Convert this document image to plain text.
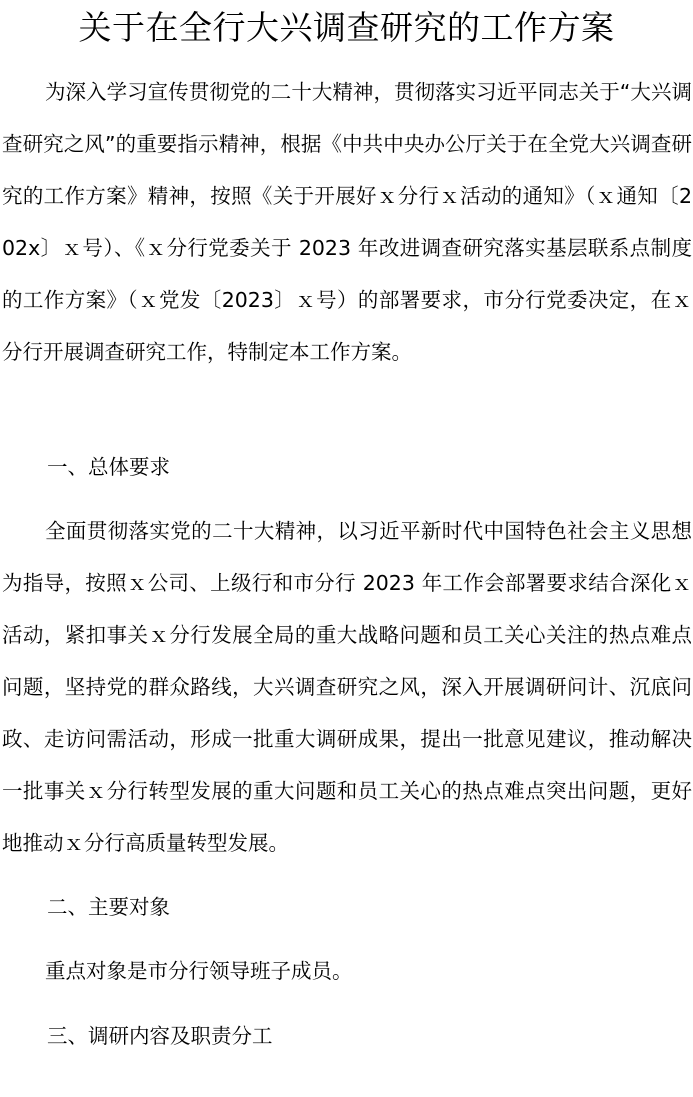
关于在全行大兴调查研究的工作方案

为深入学习宣传贯彻党的二十大精神，贯彻落实习近平同志关于“大兴调查研究之风”的重要指示精神，根据《中共中央办公厅关于在全党大兴调查研究的工作方案》精神，按照《关于开展好ｘ分行ｘ活动的通知》（ｘ通知〔202x〕ｘ号）、《ｘ分行党委关于 2023 年改进调查研究落实基层联系点制度的工作方案》（ｘ党发〔2023〕ｘ号）的部署要求，市分行党委决定，在ｘ分行开展调查研究工作，特制定本工作方案。

一、总体要求

全面贯彻落实党的二十大精神，以习近平新时代中国特色社会主义思想为指导，按照ｘ公司、上级行和市分行 2023 年工作会部署要求结合深化ｘ活动，紧扣事关ｘ分行发展全局的重大战略问题和员工关心关注的热点难点问题，坚持党的群众路线，大兴调查研究之风，深入开展调研问计、沉底问政、走访问需活动，形成一批重大调研成果，提出一批意见建议，推动解决一批事关ｘ分行转型发展的重大问题和员工关心的热点难点突出问题，更好地推动ｘ分行高质量转型发展。

二、主要对象

重点对象是市分行领导班子成员。

三、调研内容及职责分工
